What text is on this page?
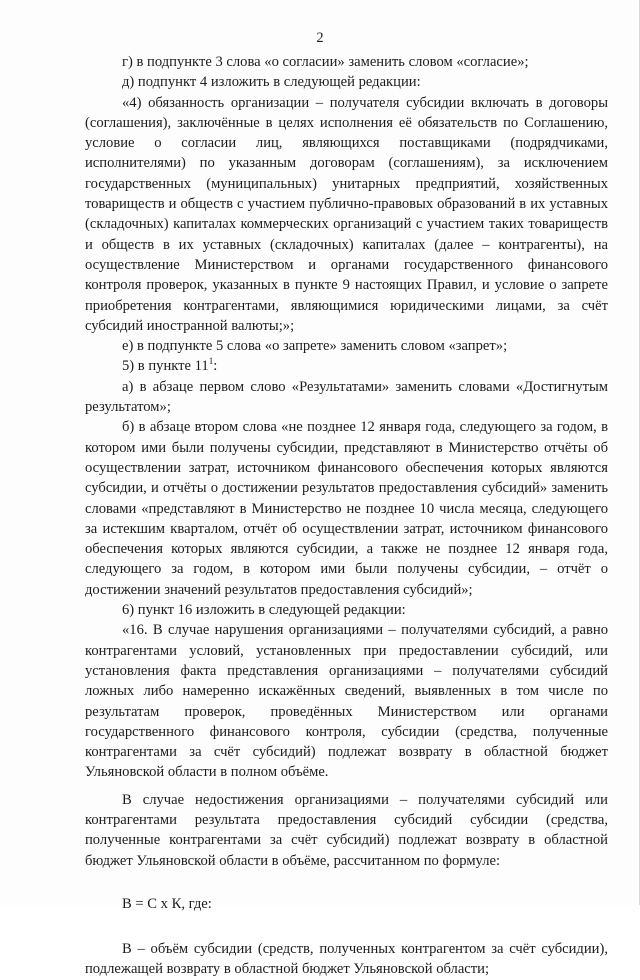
2

г) в подпункте 3 слова «о согласии» заменить словом «согласие»;

д) подпункт 4 изложить в следующей редакции:

«4) обязанность организации – получателя субсидии включать в договоры (соглашения), заключённые в целях исполнения её обязательств по Соглашению, условие о согласии лиц, являющихся поставщиками (подрядчиками, исполнителями) по указанным договорам (соглашениям), за исключением государственных (муниципальных) унитарных предприятий, хозяйственных товариществ и обществ с участием публично-правовых образований в их уставных (складочных) капиталах коммерческих организаций с участием таких товариществ и обществ в их уставных (складочных) капиталах (далее – контрагенты), на осуществление Министерством и органами государственного финансового контроля проверок, указанных в пункте 9 настоящих Правил, и условие о запрете приобретения контрагентами, являющимися юридическими лицами, за счёт субсидий иностранной валюты;»;

е) в подпункте 5 слова «о запрете» заменить словом «запрет»;

5) в пункте $11^1$:

а) в абзаце первом слово «Результатами» заменить словами «Достигнутым результатом»;

б) в абзаце втором слова «не позднее 12 января года, следующего за годом, в котором ими были получены субсидии, представляют в Министерство отчёты об осуществлении затрат, источником финансового обеспечения которых являются субсидии, и отчёты о достижении результатов предоставления субсидий» заменить словами «представляют в Министерство не позднее 10 числа месяца, следующего за истекшим кварталом, отчёт об осуществлении затрат, источником финансового обеспечения которых являются субсидии, а также не позднее 12 января года, следующего за годом, в котором ими были получены субсидии, – отчёт о достижении значений результатов предоставления субсидий»;

6) пункт 16 изложить в следующей редакции:

«16. В случае нарушения организациями – получателями субсидий, а равно контрагентами условий, установленных при предоставлении субсидий, или установления факта представления организациями – получателями субсидий ложных либо намеренно искажённых сведений, выявленных в том числе по результатам проверок, проведённых Министерством или органами государственного финансового контроля, субсидии (средства, полученные контрагентами за счёт субсидий) подлежат возврату в областной бюджет Ульяновской области в полном объёме.

В случае недостижения организациями – получателями субсидий или контрагентами результата предоставления субсидий субсидии (средства, полученные контрагентами за счёт субсидий) подлежат возврату в областной бюджет Ульяновской области в объёме, рассчитанном по формуле:

В = С х К, где:

В – объём субсидии (средств, полученных контрагентом за счёт субсидии), подлежащей возврату в областной бюджет Ульяновской области;
